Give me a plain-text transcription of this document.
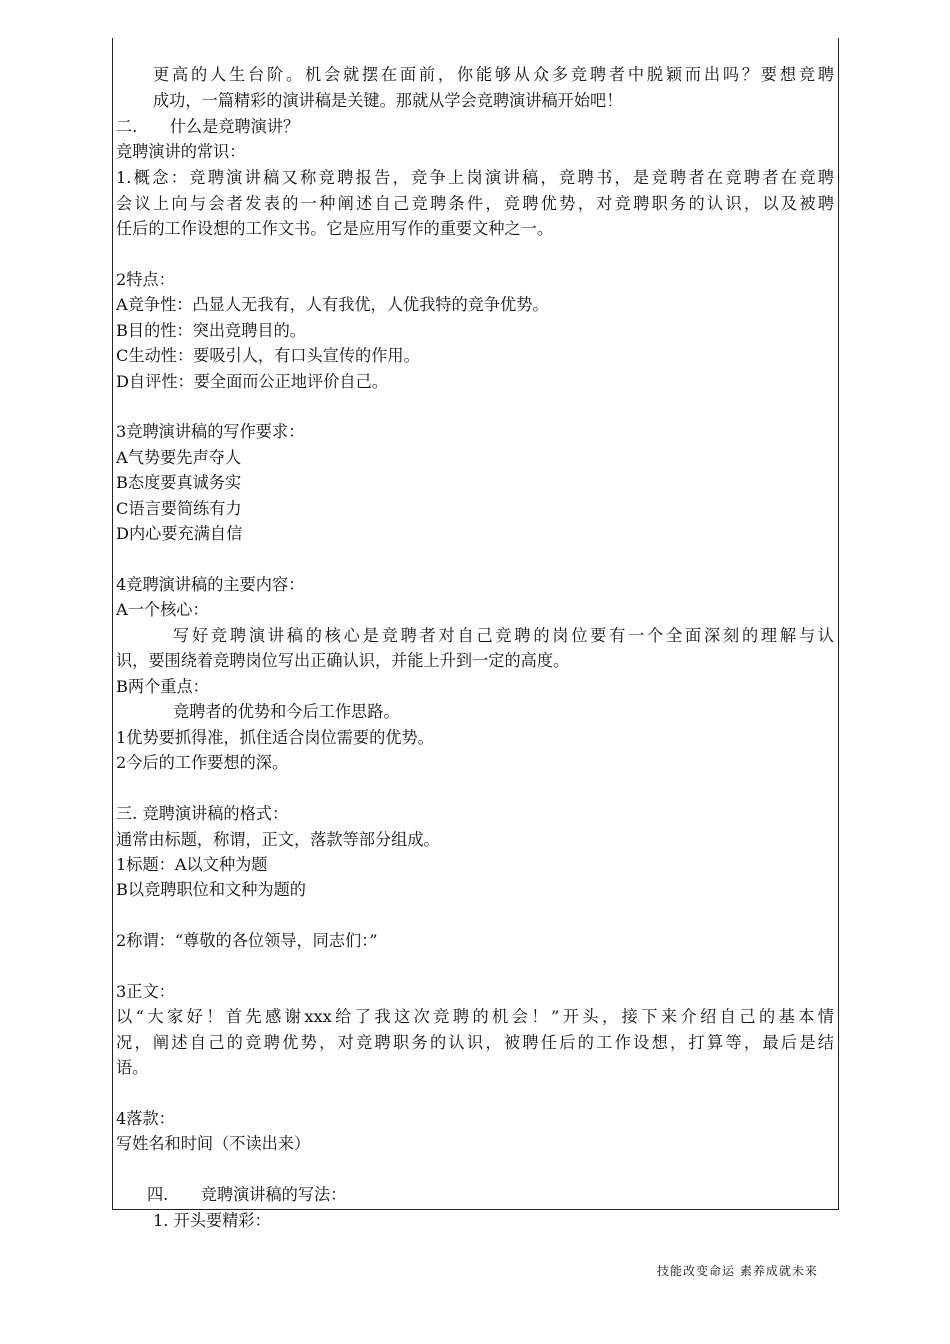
更高的人生台阶。机会就摆在面前，你能够从众多竞聘者中脱颖而出吗？要想竞聘
成功，一篇精彩的演讲稿是关键。那就从学会竞聘演讲稿开始吧！
二.　　什么是竞聘演讲？
竞聘演讲的常识：
1.概念：竞聘演讲稿又称竞聘报告，竞争上岗演讲稿，竞聘书，是竞聘者在竞聘者在竞聘
会议上向与会者发表的一种阐述自己竞聘条件，竞聘优势，对竞聘职务的认识，以及被聘
任后的工作设想的工作文书。它是应用写作的重要文种之一。
2特点：
A竞争性：凸显人无我有，人有我优，人优我特的竞争优势。
B目的性：突出竞聘目的。
C生动性：要吸引人，有口头宣传的作用。
D自评性：要全面而公正地评价自己。
3竞聘演讲稿的写作要求：
A气势要先声夺人
B态度要真诚务实
C语言要简练有力
D内心要充满自信
4竞聘演讲稿的主要内容：
A一个核心：
写好竞聘演讲稿的核心是竞聘者对自己竞聘的岗位要有一个全面深刻的理解与认
识，要围绕着竞聘岗位写出正确认识，并能上升到一定的高度。
B两个重点：
竞聘者的优势和今后工作思路。
1优势要抓得准，抓住适合岗位需要的优势。
2今后的工作要想的深。
三. 竞聘演讲稿的格式：
通常由标题，称谓，正文，落款等部分组成。
1标题：A以文种为题
B以竞聘职位和文种为题的
2称谓：“尊敬的各位领导，同志们：”
3正文：
以“大家好！首先感谢xxx给了我这次竞聘的机会！”开头，接下来介绍自己的基本情
况，阐述自己的竞聘优势，对竞聘职务的认识，被聘任后的工作设想，打算等，最后是结
语。
4落款：
写姓名和时间（不读出来）
四.　　竞聘演讲稿的写法：
1. 开头要精彩：
技能改变命运 素养成就未来
